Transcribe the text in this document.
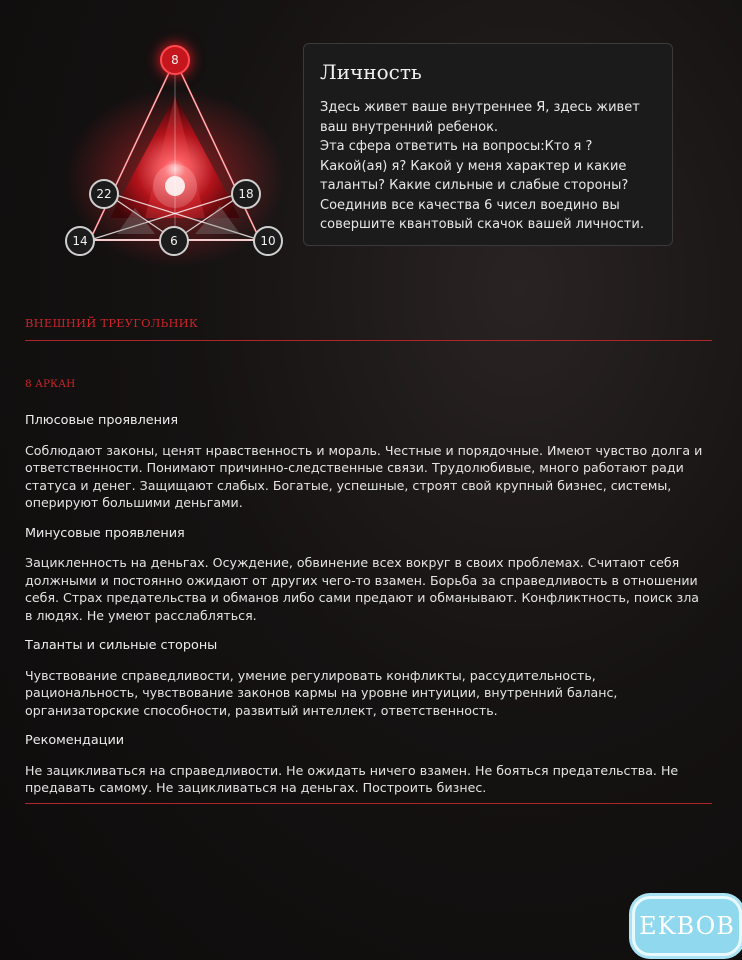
8
22	18
14	6	10
Личность
Здесь живет ваше внутреннее Я, здесь живет
ваш внутренний ребенок.
Эта сфера ответить на вопросы:Кто я ?
Какой(ая) я? Какой у меня характер и какие
таланты? Какие сильные и слабые стороны?
Соединив все качества 6 чисел воедино вы
совершите квантовый скачок вашей личности.
ВНЕШНИЙ ТРЕУГОЛЬНИК
8 АРКАН
Плюсовые проявления

Соблюдают законы, ценят нравственность и мораль. Честные и порядочные. Имеют чувство долга и ответственности. Понимают причинно-следственные связи. Трудолюбивые, много работают ради статуса и денег. Защищают слабых. Богатые, успешные, строят свой крупный бизнес, системы, оперируют большими деньгами.

Минусовые проявления

Зацикленность на деньгах. Осуждение, обвинение всех вокруг в своих проблемах. Считают себя должными и постоянно ожидают от других чего-то взамен. Борьба за справедливость в отношении себя. Страх предательства и обманов либо сами предают и обманывают. Конфликтность, поиск зла в людях. Не умеют расслабляться.

Таланты и сильные стороны

Чувствование справедливости, умение регулировать конфликты, рассудительность, рациональность, чувствование законов кармы на уровне интуиции, внутренний баланс, организаторские способности, развитый интеллект, ответственность.

Рекомендации

Не зацикливаться на справедливости. Не ожидать ничего взамен. Не бояться предательства. Не предавать самому. Не зацикливаться на деньгах. Построить бизнес.

EKBOB
